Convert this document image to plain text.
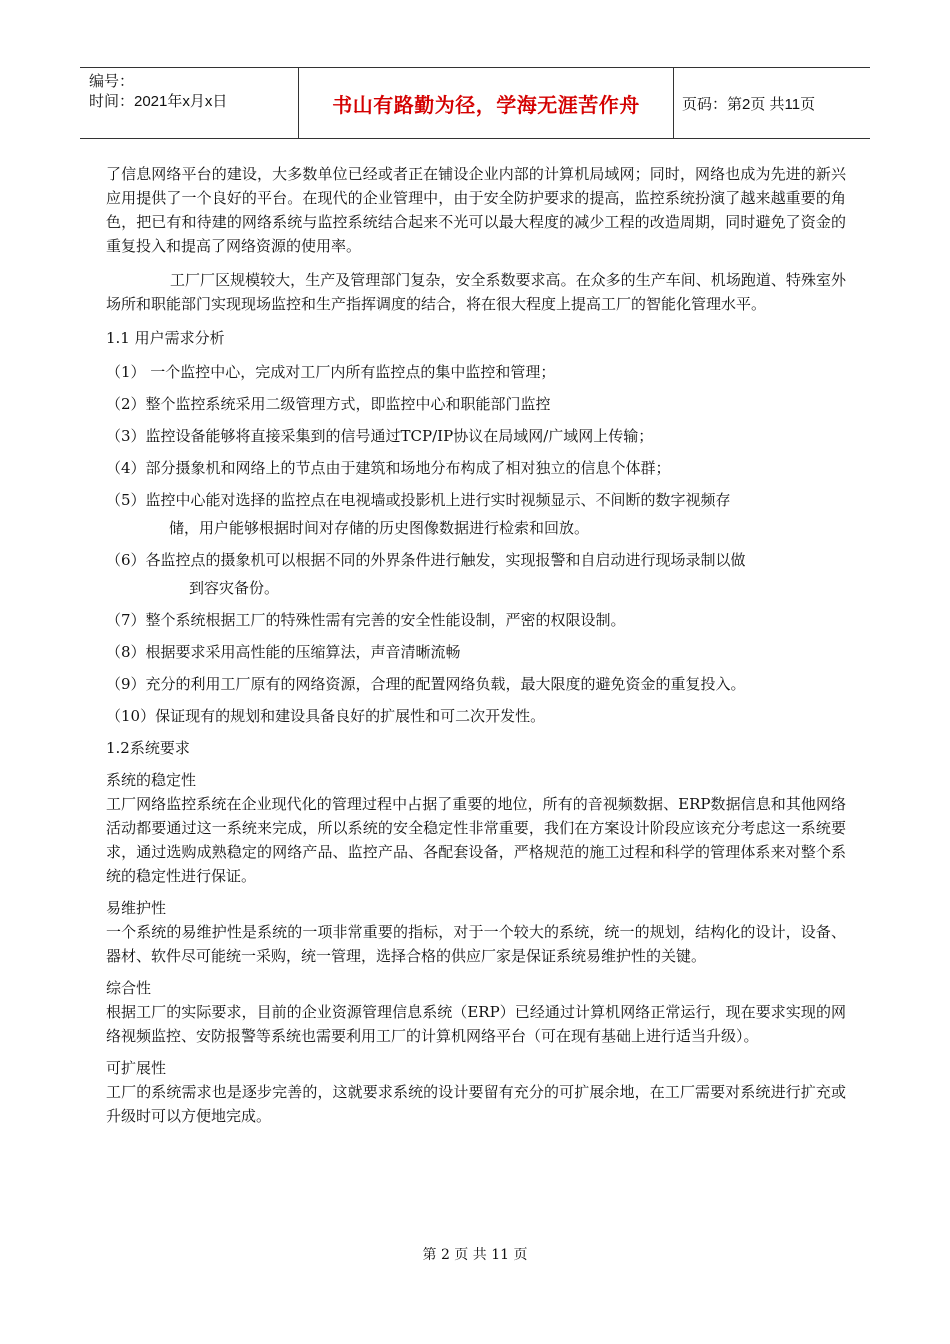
编号：
时间：2021年x月x日	书山有路勤为径，学海无涯苦作舟	页码：第2页 共11页

了信息网络平台的建设，大多数单位已经或者正在铺设企业内部的计算机局域网；同时，网络也成为先进的新兴应用提供了一个良好的平台。在现代的企业管理中，由于安全防护要求的提高，监控系统扮演了越来越重要的角色，把已有和待建的网络系统与监控系统结合起来不光可以最大程度的减少工程的改造周期，同时避免了资金的重复投入和提高了网络资源的使用率。

工厂厂区规模较大，生产及管理部门复杂，安全系数要求高。在众多的生产车间、机场跑道、特殊室外场所和职能部门实现现场监控和生产指挥调度的结合，将在很大程度上提高工厂的智能化管理水平。

1.1 用户需求分析

（1） 一个监控中心，完成对工厂内所有监控点的集中监控和管理；
（2）整个监控系统采用二级管理方式，即监控中心和职能部门监控
（3）监控设备能够将直接采集到的信号通过TCP/IP协议在局域网/广域网上传输；
（4）部分摄象机和网络上的节点由于建筑和场地分布构成了相对独立的信息个体群；
（5）监控中心能对选择的监控点在电视墙或投影机上进行实时视频显示、不间断的数字视频存
储，用户能够根据时间对存储的历史图像数据进行检索和回放。
（6）各监控点的摄象机可以根据不同的外界条件进行触发，实现报警和自启动进行现场录制以做
到容灾备份。
（7）整个系统根据工厂的特殊性需有完善的安全性能设制，严密的权限设制。
（8）根据要求采用高性能的压缩算法，声音清晰流畅
（9）充分的利用工厂原有的网络资源，合理的配置网络负载，最大限度的避免资金的重复投入。
（10）保证现有的规划和建设具备良好的扩展性和可二次开发性。

1.2系统要求

系统的稳定性

工厂网络监控系统在企业现代化的管理过程中占据了重要的地位，所有的音视频数据、ERP数据信息和其他网络活动都要通过这一系统来完成，所以系统的安全稳定性非常重要，我们在方案设计阶段应该充分考虑这一系统要求，通过选购成熟稳定的网络产品、监控产品、各配套设备，严格规范的施工过程和科学的管理体系来对整个系统的稳定性进行保证。

易维护性

一个系统的易维护性是系统的一项非常重要的指标，对于一个较大的系统，统一的规划，结构化的设计，设备、器材、软件尽可能统一采购，统一管理，选择合格的供应厂家是保证系统易维护性的关键。

综合性

根据工厂的实际要求，目前的企业资源管理信息系统（ERP）已经通过计算机网络正常运行，现在要求实现的网络视频监控、安防报警等系统也需要利用工厂的计算机网络平台（可在现有基础上进行适当升级）。

可扩展性

工厂的系统需求也是逐步完善的，这就要求系统的设计要留有充分的可扩展余地，在工厂需要对系统进行扩充或升级时可以方便地完成。

第 2 页 共 11 页
